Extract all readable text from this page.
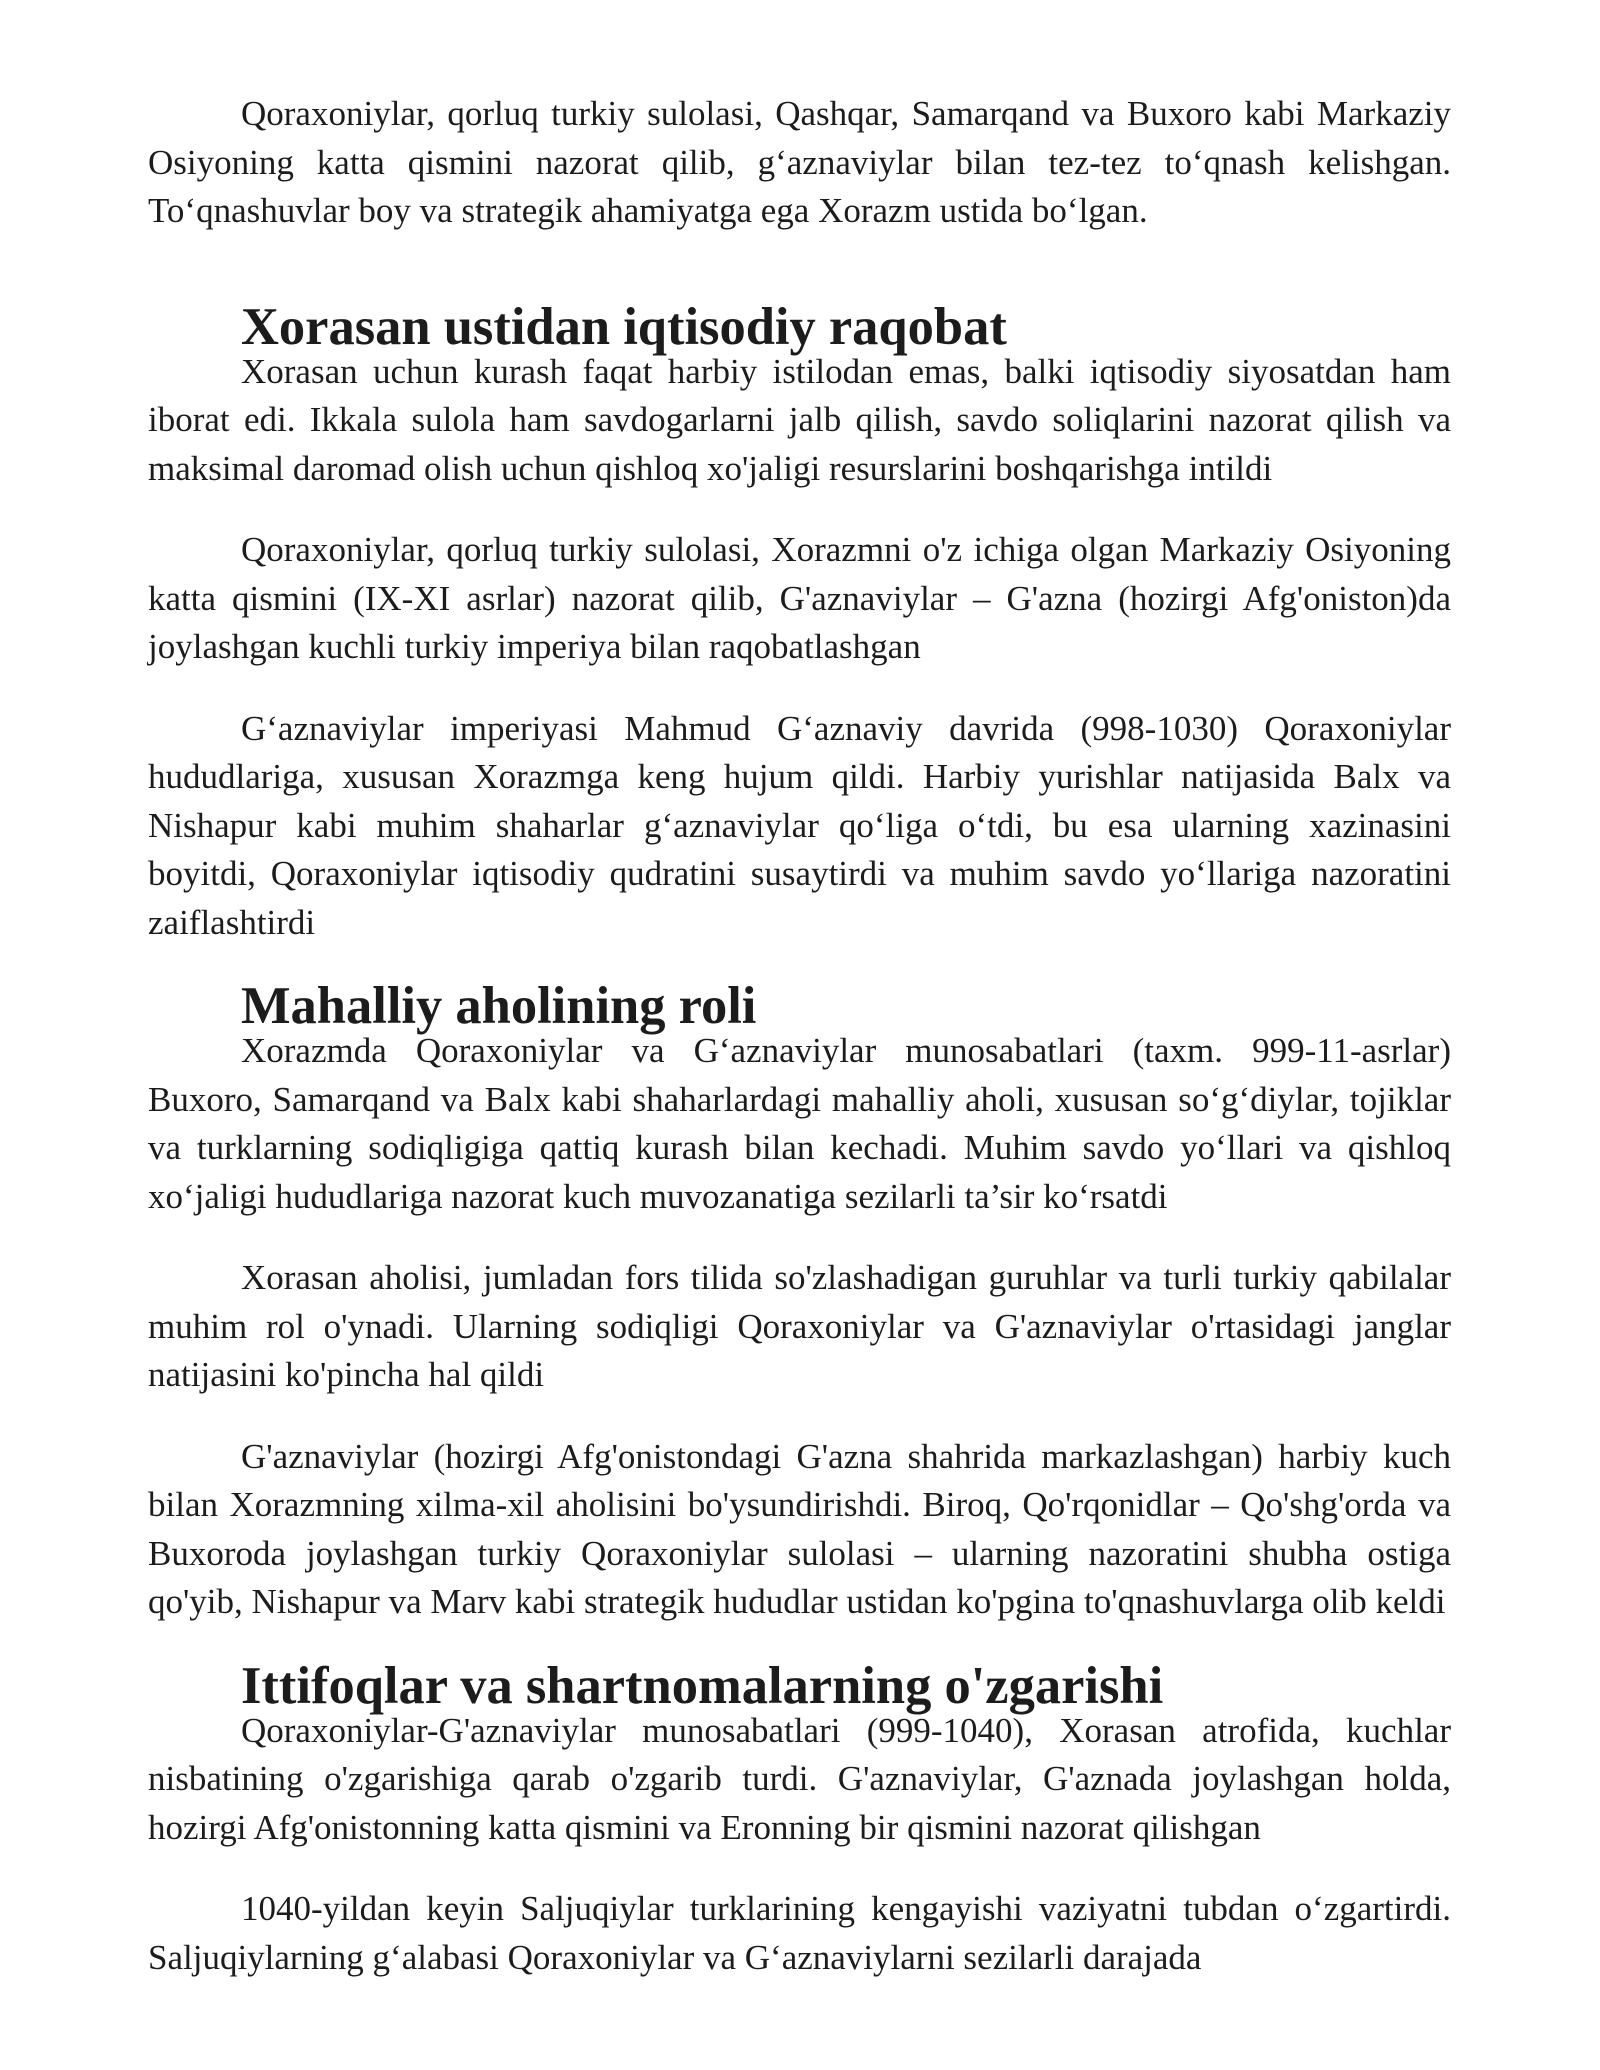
Qoraxoniylar, qorluq turkiy sulolasi, Qashqar, Samarqand va Buxoro kabi Markaziy Osiyoning katta qismini nazorat qilib, g‘aznaviylar bilan tez-tez to‘qnash kelishgan. To‘qnashuvlar boy va strategik ahamiyatga ega Xorazm ustida bo‘lgan.

Xorasan ustidan iqtisodiy raqobat

Xorasan uchun kurash faqat harbiy istilodan emas, balki iqtisodiy siyosatdan ham iborat edi. Ikkala sulola ham savdogarlarni jalb qilish, savdo soliqlarini nazorat qilish va maksimal daromad olish uchun qishloq xo'jaligi resurslarini boshqarishga intildi

Qoraxoniylar, qorluq turkiy sulolasi, Xorazmni o'z ichiga olgan Markaziy Osiyoning katta qismini (IX-XI asrlar) nazorat qilib, G'aznaviylar – G'azna (hozirgi Afg'oniston)da joylashgan kuchli turkiy imperiya bilan raqobatlashgan

G‘aznaviylar imperiyasi Mahmud G‘aznaviy davrida (998-1030) Qoraxoniylar hududlariga, xususan Xorazmga keng hujum qildi. Harbiy yurishlar natijasida Balx va Nishapur kabi muhim shaharlar g‘aznaviylar qo‘liga o‘tdi, bu esa ularning xazinasini boyitdi, Qoraxoniylar iqtisodiy qudratini susaytirdi va muhim savdo yo‘llariga nazoratini zaiflashtirdi

Mahalliy aholining roli

Xorazmda Qoraxoniylar va G‘aznaviylar munosabatlari (taxm. 999-11-asrlar) Buxoro, Samarqand va Balx kabi shaharlardagi mahalliy aholi, xususan so‘g‘diylar, tojiklar va turklarning sodiqligiga qattiq kurash bilan kechadi. Muhim savdo yo‘llari va qishloq xo‘jaligi hududlariga nazorat kuch muvozanatiga sezilarli ta’sir ko‘rsatdi

Xorasan aholisi, jumladan fors tilida so'zlashadigan guruhlar va turli turkiy qabilalar muhim rol o'ynadi. Ularning sodiqligi Qoraxoniylar va G'aznaviylar o'rtasidagi janglar natijasini ko'pincha hal qildi

G'aznaviylar (hozirgi Afg'onistondagi G'azna shahrida markazlashgan) harbiy kuch bilan Xorazmning xilma-xil aholisini bo'ysundirishdi. Biroq, Qo'rqonidlar – Qo'shg'orda va Buxoroda joylashgan turkiy Qoraxoniylar sulolasi – ularning nazoratini shubha ostiga qo'yib, Nishapur va Marv kabi strategik hududlar ustidan ko'pgina to'qnashuvlarga olib keldi

Ittifoqlar va shartnomalarning o'zgarishi

Qoraxoniylar-G'aznaviylar munosabatlari (999-1040), Xorasan atrofida, kuchlar nisbatining o'zgarishiga qarab o'zgarib turdi. G'aznaviylar, G'aznada joylashgan holda, hozirgi Afg'onistonning katta qismini va Eronning bir qismini nazorat qilishgan

1040-yildan keyin Saljuqiylar turklarining kengayishi vaziyatni tubdan o‘zgartirdi. Saljuqiylarning g‘alabasi Qoraxoniylar va G‘aznaviylarni sezilarli darajada
